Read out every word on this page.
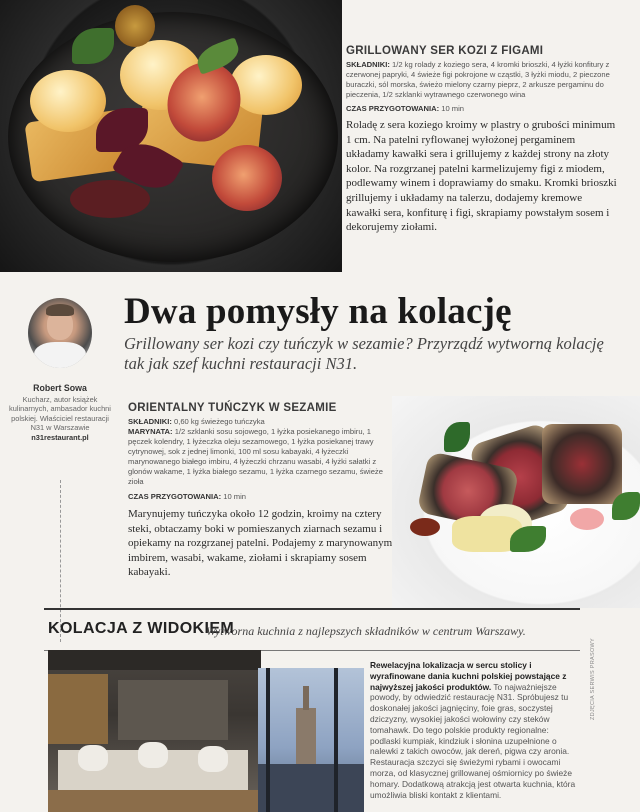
GRILLOWANY SER KOZI Z FIGAMI
SKŁADNIKI: 1/2 kg rolady z koziego sera, 4 kromki brioszki, 4 łyżki konfitury z czerwonej papryki, 4 świeże figi pokrojone w cząstki, 3 łyżki miodu, 2 pieczone buraczki, sól morska, świeżo mielony czarny pieprz, 2 arkusze pergaminu do pieczenia, 1/2 szklanki wytrawnego czerwonego wina
CZAS PRZYGOTOWANIA: 10 min

Roladę z sera koziego kroimy w plastry o grubości minimum 1 cm. Na patelni ryflowanej wyłożonej pergaminem układamy kawałki sera i grillujemy z każdej strony na złoty kolor. Na rozgrzanej patelni karmelizujemy figi z miodem, podlewamy winem i doprawiamy do smaku. Kromki brioszki grillujemy i układamy na talerzu, dodajemy kremowe kawałki sera, konfiturę i figi, skrapiamy powstałym sosem i dekorujemy ziołami.

Robert Sowa
Kucharz, autor książek kulinarnych, ambasador kuchni polskiej. Właściciel restauracji N31 w Warszawie
n31restaurant.pl
Dwa pomysły na kolację

Grillowany ser kozi czy tuńczyk w sezamie? Przyrządź wytworną kolację tak jak szef kuchni restauracji N31.

ORIENTALNY TUŃCZYK W SEZAMIE
SKŁADNIKI: 0,60 kg świeżego tuńczyka
MARYNATA: 1/2 szklanki sosu sojowego, 1 łyżka posiekanego imbiru, 1 pęczek kolendry, 1 łyżeczka oleju sezamowego, 1 łyżka posiekanej trawy cytrynowej, sok z jednej limonki, 100 ml sosu kabayaki, 4 łyżeczki marynowanego białego imbiru, 4 łyżeczki chrzanu wasabi, 4 łyżki sałatki z glonów wakame, 1 łyżka białego sezamu, 1 łyżka czarnego sezamu, świeże zioła
CZAS PRZYGOTOWANIA: 10 min

Marynujemy tuńczyka około 12 godzin, kroimy na cztery steki, obtaczamy boki w pomieszanych ziarnach sezamu i opiekamy na rozgrzanej patelni. Podajemy z marynowanym imbirem, wasabi, wakame, ziołami i skrapiamy sosem kabayaki.

KOLACJA Z WIDOKIEM
Wytworna kuchnia z najlepszych składników w centrum Warszawy.
Rewelacyjna lokalizacja w sercu stolicy i wyrafinowane dania kuchni polskiej powstające z najwyższej jakości produktów. To najważniejsze powody, by odwiedzić restaurację N31. Spróbujesz tu doskonałej jakości jagnięciny, foie gras, soczystej dziczyzny, wysokiej jakości wołowiny czy steków tomahawk. Do tego polskie produkty regionalne: podlaski kumpiak, kindziuk i słonina uzupełnione o nalewki z takich owoców, jak dereń, pigwa czy aronia. Restauracja szczyci się świeżymi rybami i owocami morza, od klasycznej grillowanej ośmiornicy po świeże homary. Dodatkową atrakcją jest otwarta kuchnia, która umożliwia bliski kontakt z klientami.
ZDJĘCIA SERWIS PRASOWY
